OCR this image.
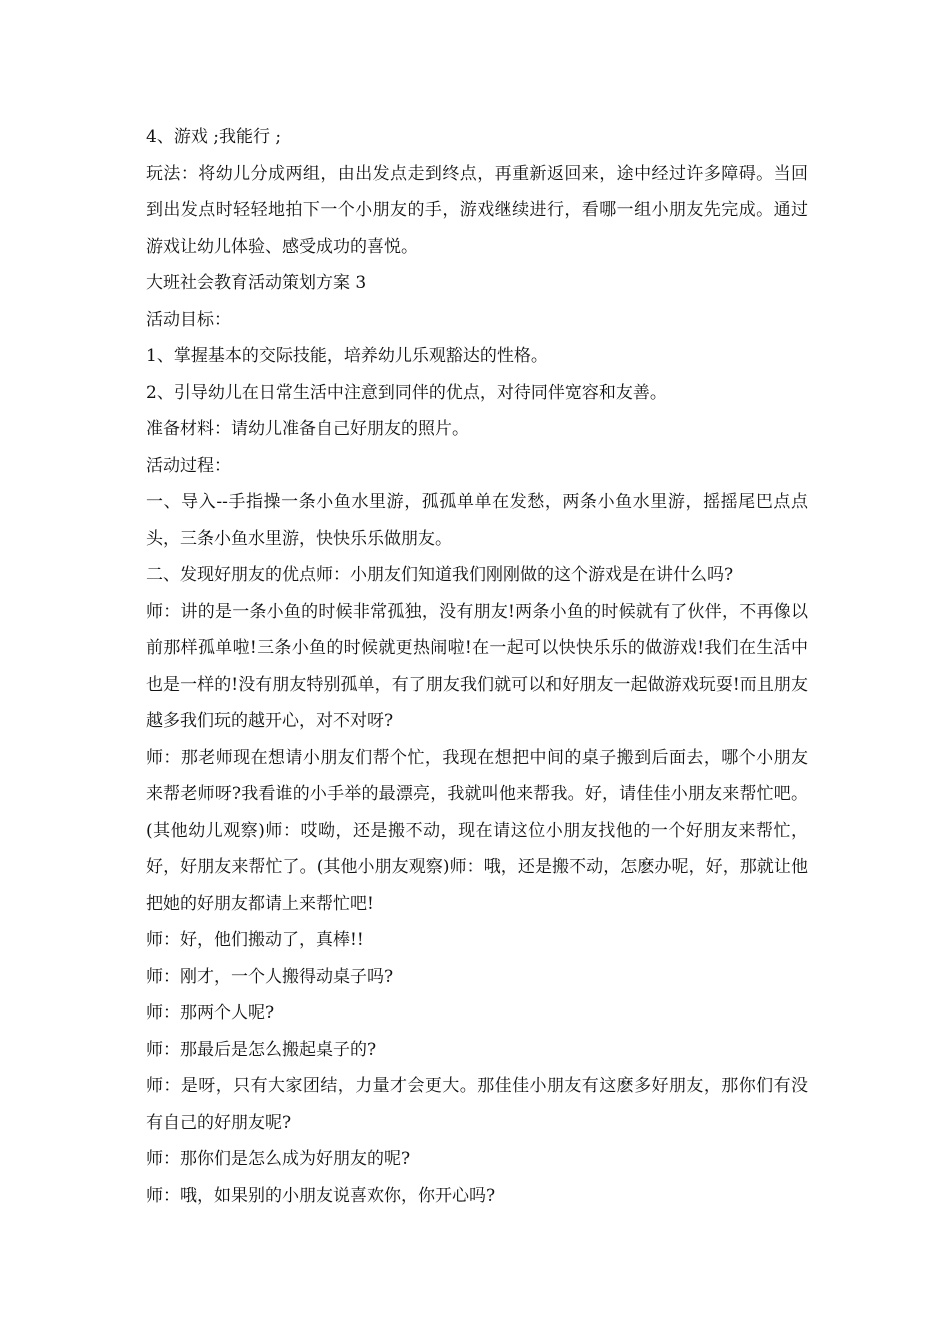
4、游戏 ;我能行 ;

玩法：将幼儿分成两组，由出发点走到终点，再重新返回来，途中经过许多障碍。当回到出发点时轻轻地拍下一个小朋友的手，游戏继续进行，看哪一组小朋友先完成。通过游戏让幼儿体验、感受成功的喜悦。

大班社会教育活动策划方案 3

活动目标：

1、掌握基本的交际技能，培养幼儿乐观豁达的性格。

2、引导幼儿在日常生活中注意到同伴的优点，对待同伴宽容和友善。

准备材料：请幼儿准备自己好朋友的照片。

活动过程：

一、导入--手指操一条小鱼水里游，孤孤单单在发愁，两条小鱼水里游，摇摇尾巴点点头，三条小鱼水里游，快快乐乐做朋友。

二、发现好朋友的优点师：小朋友们知道我们刚刚做的这个游戏是在讲什么吗?

师：讲的是一条小鱼的时候非常孤独，没有朋友!两条小鱼的时候就有了伙伴，不再像以前那样孤单啦!三条小鱼的时候就更热闹啦!在一起可以快快乐乐的做游戏!我们在生活中也是一样的!没有朋友特别孤单，有了朋友我们就可以和好朋友一起做游戏玩耍!而且朋友越多我们玩的越开心，对不对呀?

师：那老师现在想请小朋友们帮个忙，我现在想把中间的桌子搬到后面去，哪个小朋友来帮老师呀?我看谁的小手举的最漂亮，我就叫他来帮我。好，请佳佳小朋友来帮忙吧。(其他幼儿观察)师：哎呦，还是搬不动，现在请这位小朋友找他的一个好朋友来帮忙，好，好朋友来帮忙了。(其他小朋友观察)师：哦，还是搬不动，怎麽办呢，好，那就让他把她的好朋友都请上来帮忙吧!

师：好，他们搬动了，真棒!!

师：刚才，一个人搬得动桌子吗?

师：那两个人呢?

师：那最后是怎么搬起桌子的?

师：是呀，只有大家团结，力量才会更大。那佳佳小朋友有这麽多好朋友，那你们有没有自己的好朋友呢?

师：那你们是怎么成为好朋友的呢?

师：哦，如果别的小朋友说喜欢你，你开心吗?
